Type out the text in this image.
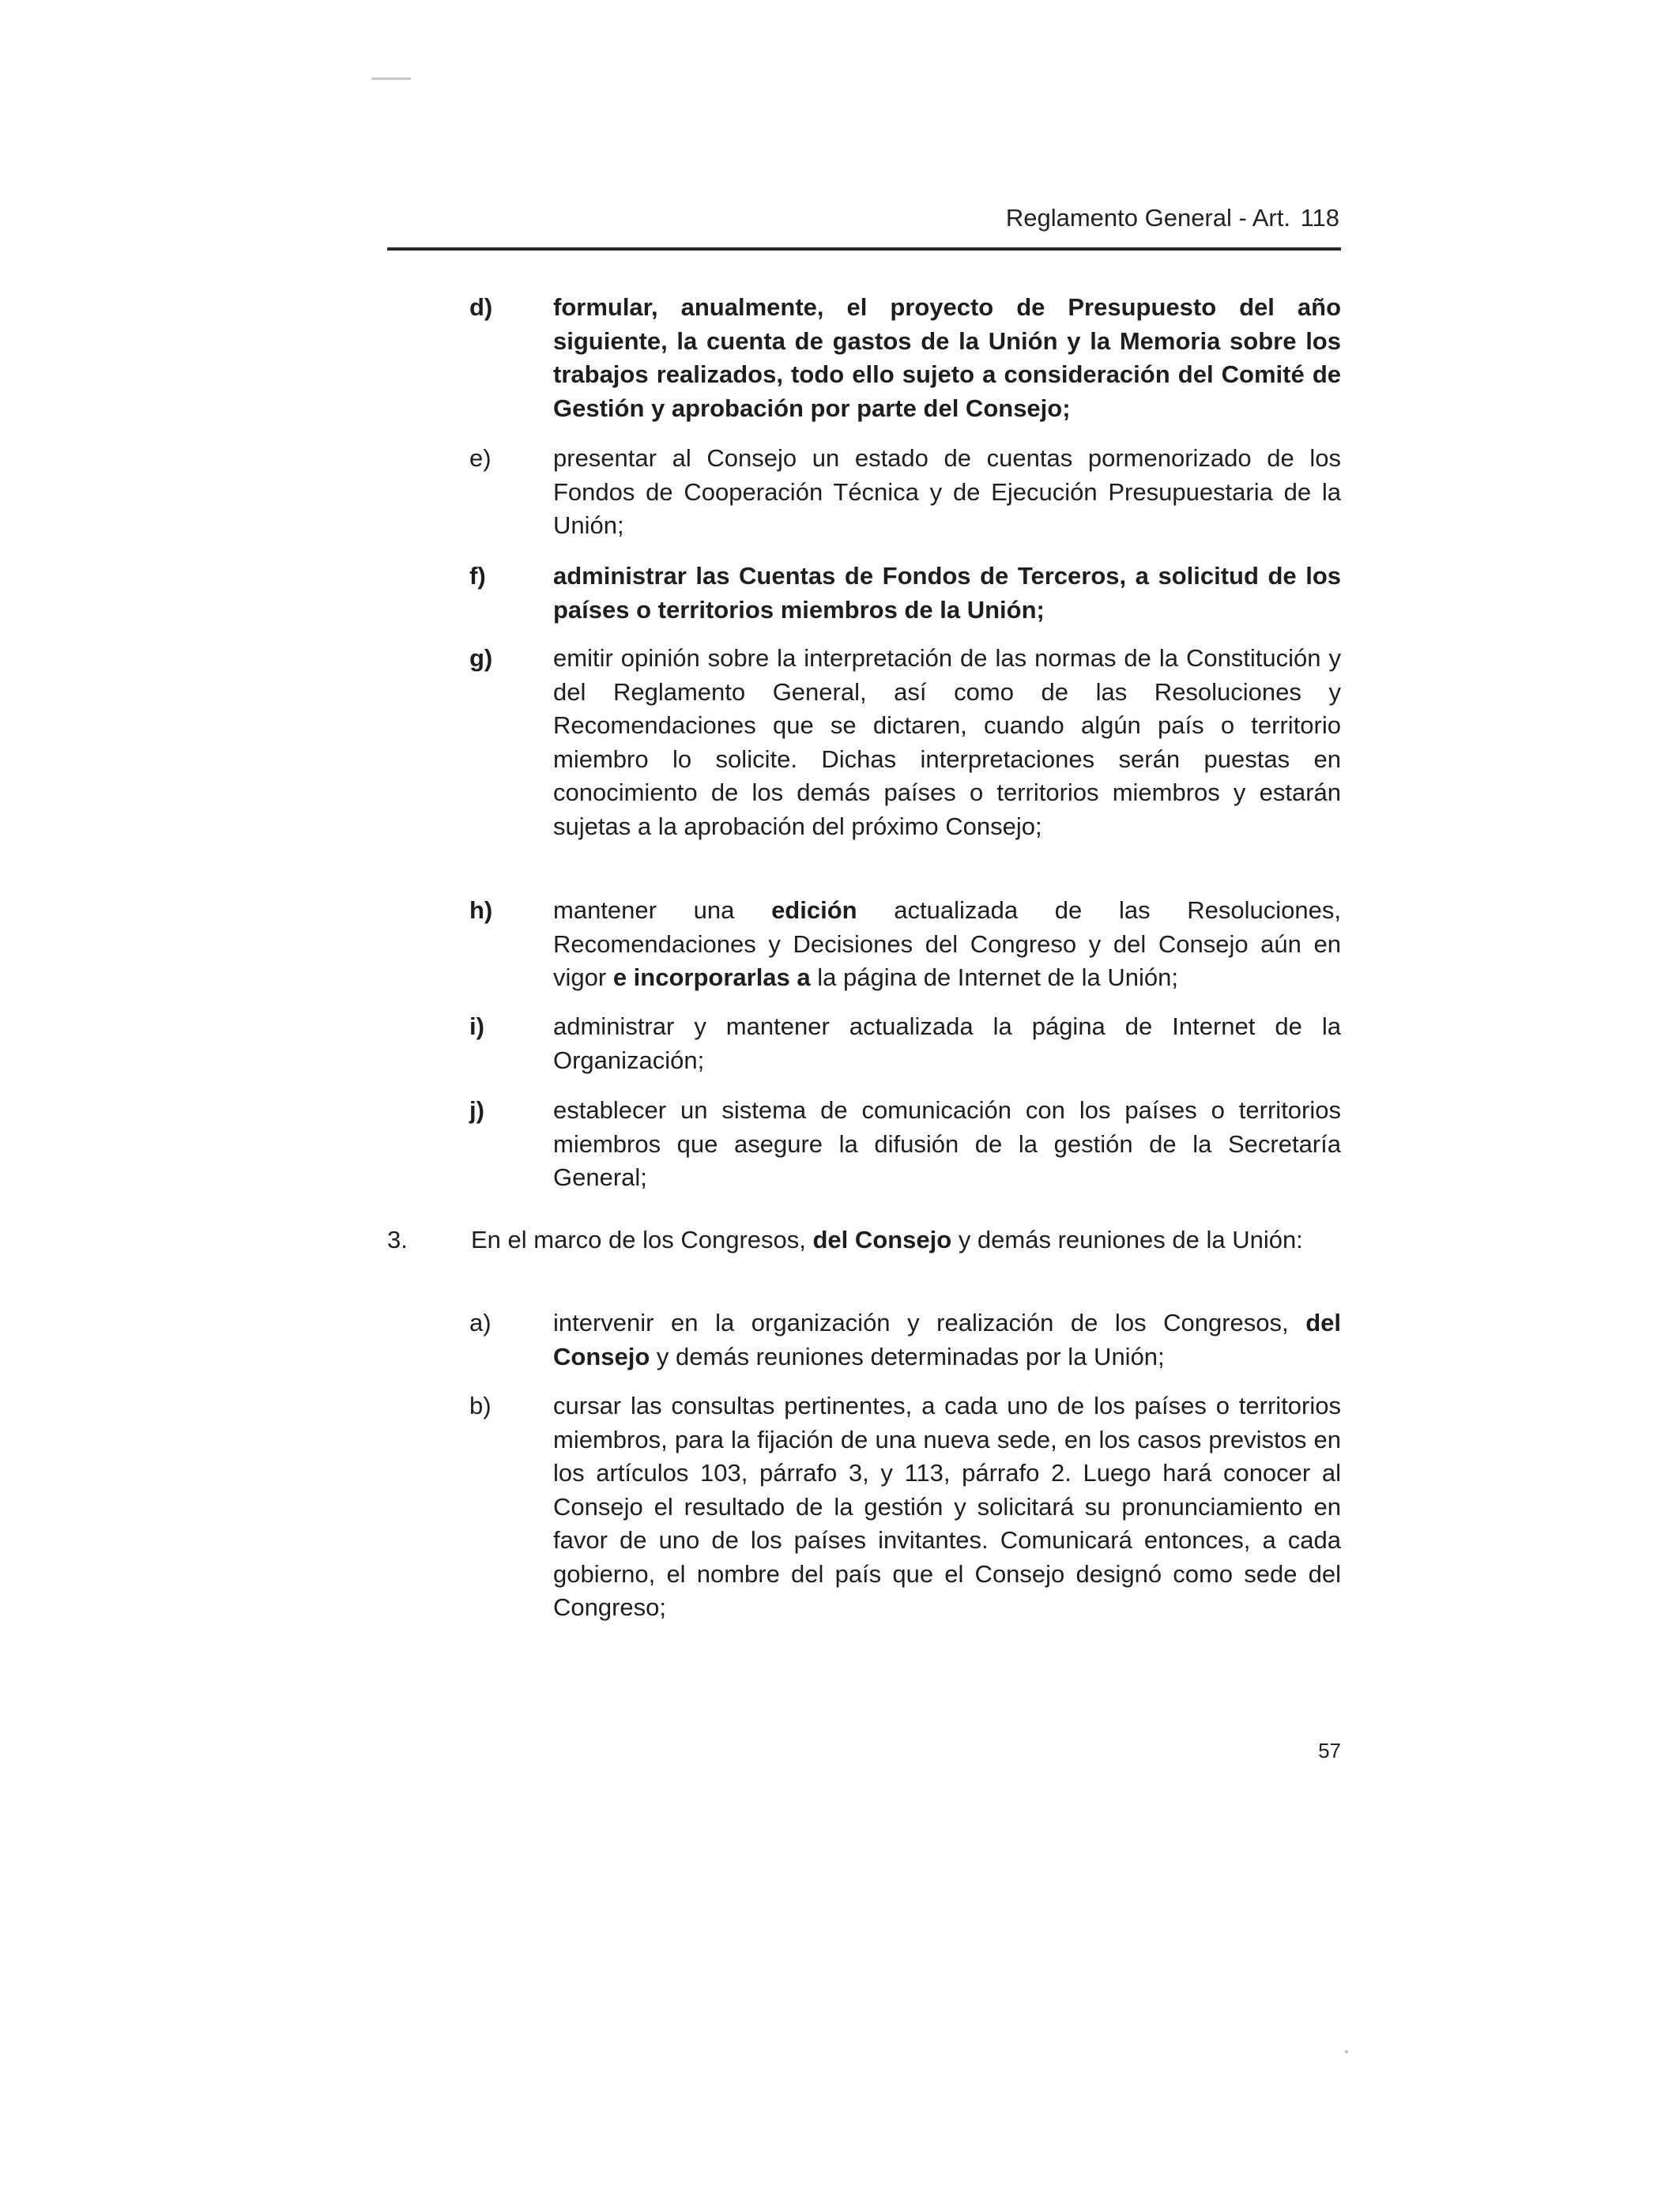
Reglamento General - Art. 118
d) formular, anualmente, el proyecto de Presupuesto del año siguiente, la cuenta de gastos de la Unión y la Memoria sobre los trabajos realizados, todo ello sujeto a consideración del Comité de Gestión y aprobación por parte del Consejo;
e)	presentar al Consejo un estado de cuentas pormenorizado de los Fondos de Cooperación Técnica y de Ejecución Presupuestaria de la Unión;
f)	administrar las Cuentas de Fondos de Terceros, a solicitud de los países o territorios miembros de la Unión;
g) emitir opinión sobre la interpretación de las normas de la Constitución y del Reglamento General, así como de las Resoluciones y Recomendaciones que se dictaren, cuando algún país o territorio miembro lo solicite. Dichas interpretaciones serán puestas en conocimiento de los demás países o territorios miembros y estarán sujetas a la aprobación del próximo Consejo;
h) mantener una edición actualizada de las Resoluciones, Recomendaciones y Decisiones del Congreso y del Consejo aún en vigor e incorporarlas a la página de Internet de la Unión;
i)	administrar y mantener actualizada la página de Internet de la Organización;
j)	establecer un sistema de comunicación con los países o territorios miembros que asegure la difusión de la gestión de la Secretaría General;
3.	En el marco de los Congresos, del Consejo y demás reuniones de la Unión:
a)	intervenir en la organización y realización de los Congresos, del Consejo y demás reuniones determinadas por la Unión;
b)	cursar las consultas pertinentes, a cada uno de los países o territorios miembros, para la fijación de una nueva sede, en los casos previstos en los artículos 103, párrafo 3, y 113, párrafo 2. Luego hará conocer al Consejo el resultado de la gestión y solicitará su pronunciamiento en favor de uno de los países invitantes. Comunicará entonces, a cada gobierno, el nombre del país que el Consejo designó como sede del Congreso;
57
